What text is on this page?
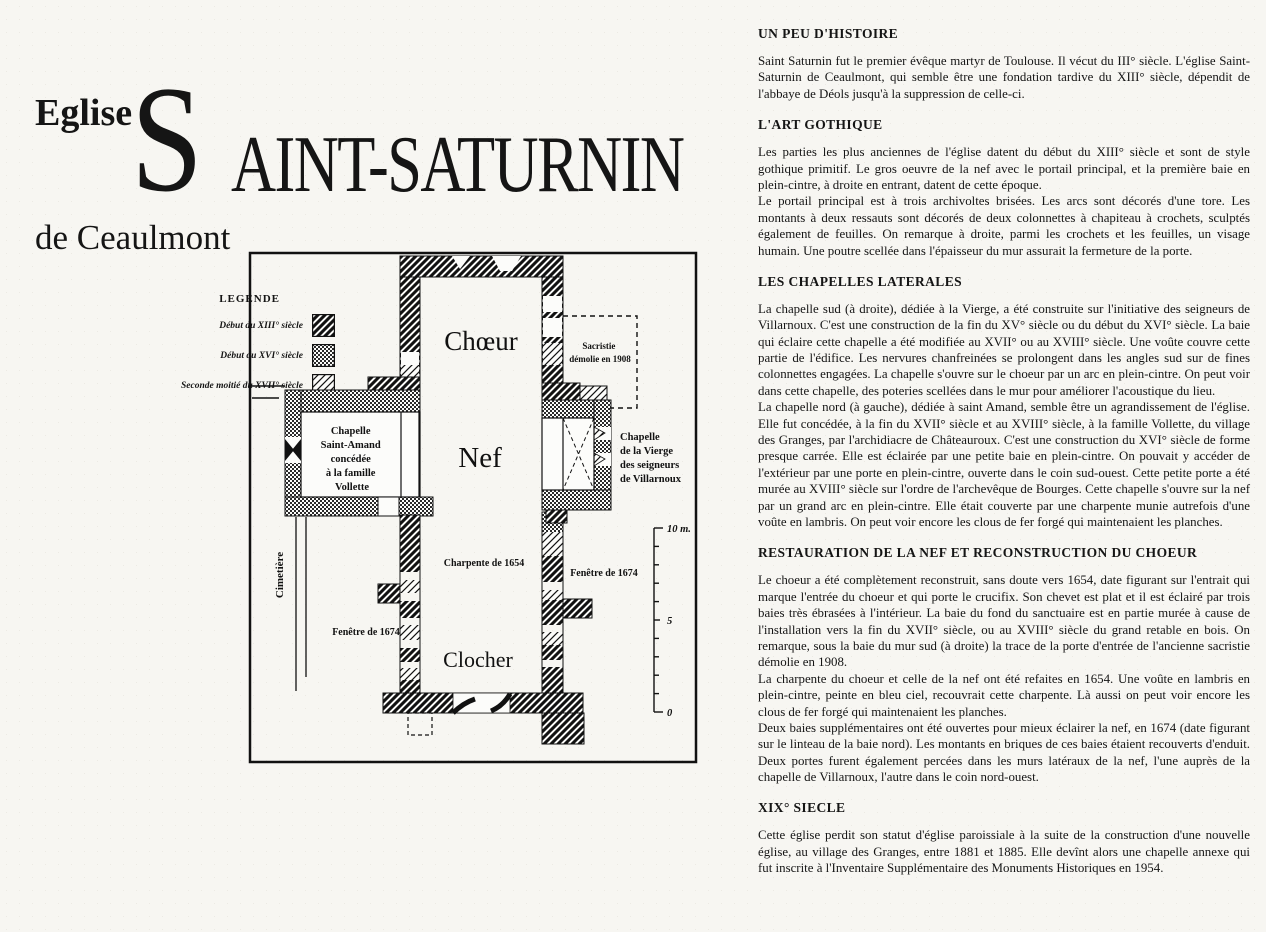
Eglise
S AINT-SATURNIN
de Ceaulmont
LEGENDE
Début du XIII° siècle
Début du XVI° siècle
Seconde moitié du XVII° siècle
10 m.
5
0
Chœur
Nef
Clocher
Charpente de 1654
Fenêtre de 1674
Fenêtre de 1674
Cimetière
Chapelle Saint-Amand concédée à la famille Vollette
Chapelle de la Vierge des seigneurs de Villarnoux
Sacristie démolie en 1908
UN PEU D'HISTOIRE

Saint Saturnin fut le premier évêque martyr de Toulouse. Il vécut du III° siècle. L'église Saint-Saturnin de Ceaulmont, qui semble être une fondation tardive du XIII° siècle, dépendit de l'abbaye de Déols jusqu'à la suppression de celle-ci.

L'ART GOTHIQUE

Les parties les plus anciennes de l'église datent du début du XIII° siècle et sont de style gothique primitif. Le gros oeuvre de la nef avec le portail principal, et la première baie en plein-cintre, à droite en entrant, datent de cette époque.

Le portail principal est à trois archivoltes brisées. Les arcs sont décorés d'une tore. Les montants à deux ressauts sont décorés de deux colonnettes à chapiteau à crochets, sculptés également de feuilles. On remarque à droite, parmi les crochets et les feuilles, un visage humain. Une poutre scellée dans l'épaisseur du mur assurait la fermeture de la porte.

LES CHAPELLES LATERALES

La chapelle sud (à droite), dédiée à la Vierge, a été construite sur l'initiative des seigneurs de Villarnoux. C'est une construction de la fin du XV° siècle ou du début du XVI° siècle. La baie qui éclaire cette chapelle a été modifiée au XVII° ou au XVIII° siècle. Une voûte couvre cette partie de l'édifice. Les nervures chanfreinées se prolongent dans les angles sud sur de fines colonnettes engagées. La chapelle s'ouvre sur le choeur par un arc en plein-cintre. On peut voir dans cette chapelle, des poteries scellées dans le mur pour améliorer l'acoustique du lieu.

La chapelle nord (à gauche), dédiée à saint Amand, semble être un agrandissement de l'église. Elle fut concédée, à la fin du XVII° siècle et au XVIII° siècle, à la famille Vollette, du village des Granges, par l'archidiacre de Châteauroux. C'est une construction du XVI° siècle de forme presque carrée. Elle est éclairée par une petite baie en plein-cintre. On pouvait y accéder de l'extérieur par une porte en plein-cintre, ouverte dans le coin sud-ouest. Cette petite porte a été murée au XVIII° siècle sur l'ordre de l'archevêque de Bourges. Cette chapelle s'ouvre sur la nef par un grand arc en plein-cintre. Elle était couverte par une charpente munie autrefois d'une voûte en lambris. On peut voir encore les clous de fer forgé qui maintenaient les planches.

RESTAURATION DE LA NEF ET RECONSTRUCTION DU CHOEUR

Le choeur a été complètement reconstruit, sans doute vers 1654, date figurant sur l'entrait qui marque l'entrée du choeur et qui porte le crucifix. Son chevet est plat et il est éclairé par trois baies très ébrasées à l'intérieur. La baie du fond du sanctuaire est en partie murée à cause de l'installation vers la fin du XVII° siècle, ou au XVIII° siècle du grand retable en bois. On remarque, sous la baie du mur sud (à droite) la trace de la porte d'entrée de l'ancienne sacristie démolie en 1908.

La charpente du choeur et celle de la nef ont été refaites en 1654. Une voûte en lambris en plein-cintre, peinte en bleu ciel, recouvrait cette charpente. Là aussi on peut voir encore les clous de fer forgé qui maintenaient les planches.

Deux baies supplémentaires ont été ouvertes pour mieux éclairer la nef, en 1674 (date figurant sur le linteau de la baie nord). Les montants en briques de ces baies étaient recouverts d'enduit. Deux portes furent également percées dans les murs latéraux de la nef, l'une auprès de la chapelle de Villarnoux, l'autre dans le coin nord-ouest.

XIX° SIECLE

Cette église perdit son statut d'église paroissiale à la suite de la construction d'une nouvelle église, au village des Granges, entre 1881 et 1885. Elle devînt alors une chapelle annexe qui fut inscrite à l'Inventaire Supplémentaire des Monuments Historiques en 1954.
